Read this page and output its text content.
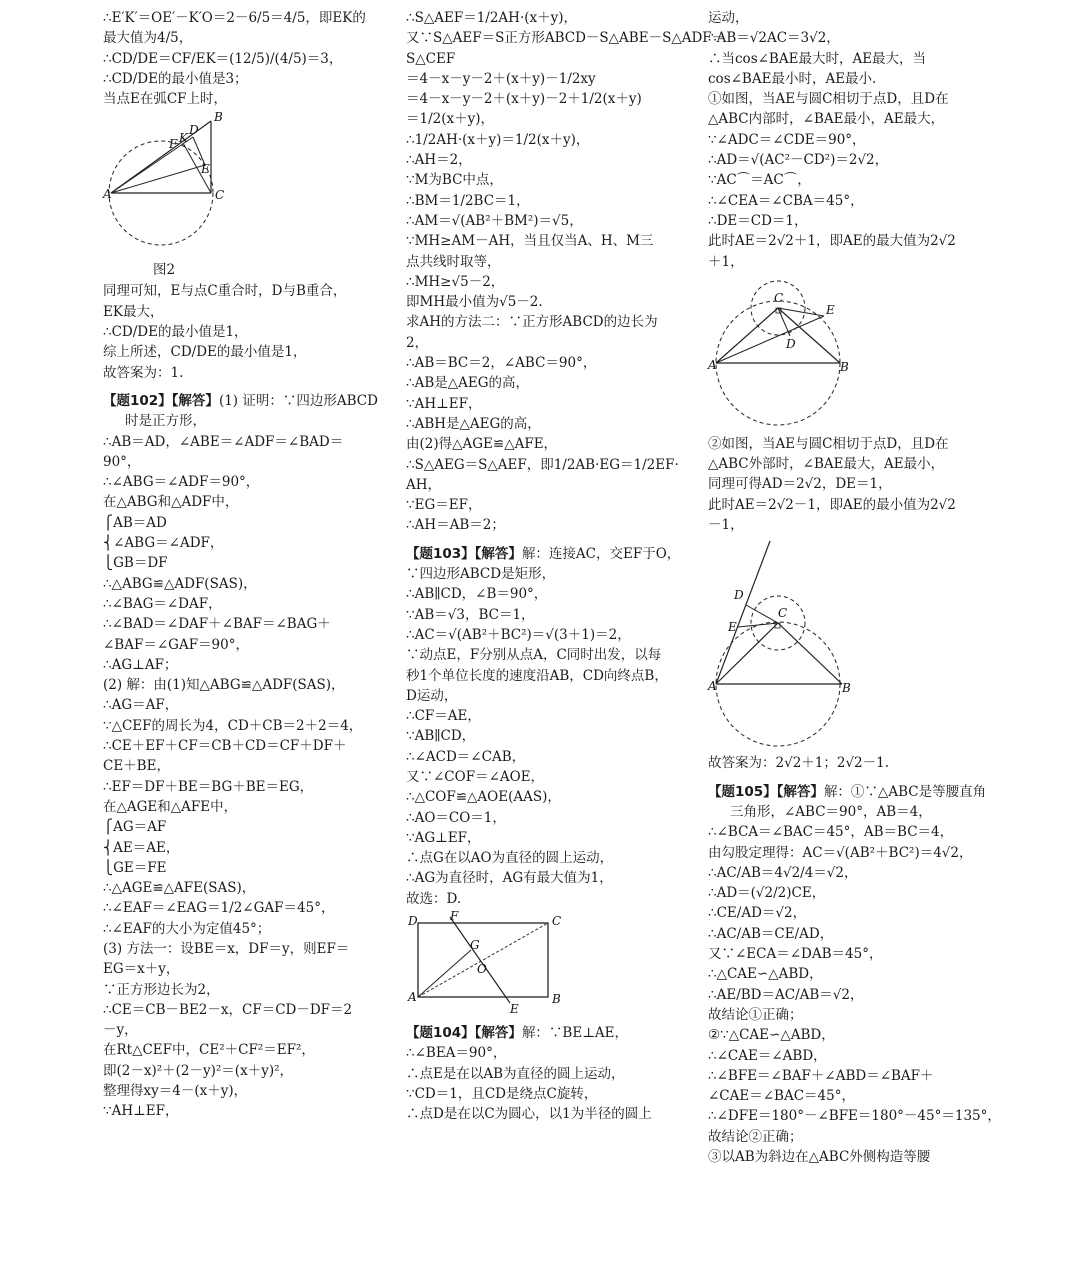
∴E′K′＝OE′－K′O＝2－6/5＝4/5，即EK的
最大值为4/5，
∴CD/DE＝CF/EK＝(12/5)/(4/5)＝3，
∴CD/DE的最小值是3；
当点E在弧CF上时，
A
B
C
D
E
F K
图2
同理可知，E与点C重合时，D与B重合，
EK最大，
∴CD/DE的最小值是1，
综上所述，CD/DE的最小值是1，
故答案为：1.
【题102】【解答】(1) 证明：∵四边形ABCD
时是正方形，
∴AB＝AD，∠ABE＝∠ADF＝∠BAD＝
90°，
∴∠ABG＝∠ADF＝90°，
在△ABG和△ADF中，
⎧AB＝AD
⎨∠ABG＝∠ADF，
⎩GB＝DF
∴△ABG≌△ADF(SAS)，
∴∠BAG＝∠DAF，
∴∠BAD＝∠DAF＋∠BAF＝∠BAG＋
∠BAF＝∠GAF＝90°，
∴AG⊥AF；
(2) 解：由(1)知△ABG≌△ADF(SAS)，
∴AG＝AF，
∵△CEF的周长为4，CD＋CB＝2＋2＝4，
∴CE＋EF＋CF＝CB＋CD＝CF＋DF＋
CE＋BE，
∴EF＝DF＋BE＝BG＋BE＝EG，
在△AGE和△AFE中，
⎧AG＝AF
⎨AE＝AE，
⎩GE＝FE
∴△AGE≌△AFE(SAS)，
∴∠EAF＝∠EAG＝1/2∠GAF＝45°，
∴∠EAF的大小为定值45°；
(3) 方法一：设BE＝x，DF＝y，则EF＝
EG＝x＋y，
∵正方形边长为2，
∴CE＝CB－BE2－x，CF＝CD－DF＝2
－y，
在Rt△CEF中，CE²＋CF²＝EF²，
即(2－x)²＋(2－y)²＝(x＋y)²，
整理得xy＝4－(x＋y)，
∵AH⊥EF，
∴S△AEF＝1/2AH·(x＋y)，
又∵S△AEF＝S正方形ABCD－S△ABE－S△ADF－
S△CEF
＝4－x－y－2＋(x＋y)－1/2xy
＝4－x－y－2＋(x＋y)－2＋1/2(x＋y)
＝1/2(x＋y)，
∴1/2AH·(x＋y)＝1/2(x＋y)，
∴AH＝2，
∵M为BC中点，
∴BM＝1/2BC＝1，
∴AM＝√(AB²＋BM²)＝√5，
∵MH≥AM－AH，当且仅当A、H、M三
点共线时取等，
∴MH≥√5－2，
即MH最小值为√5－2.
求AH的方法二：∵正方形ABCD的边长为
2，
∴AB＝BC＝2，∠ABC＝90°，
∴AB是△AEG的高，
∵AH⊥EF，
∴ABH是△AEG的高，
由(2)得△AGE≌△AFE，
∴S△AEG＝S△AEF，即1/2AB·EG＝1/2EF·
AH，
∵EG＝EF，
∴AH＝AB＝2；
【题103】【解答】解：连接AC，交EF于O，
∵四边形ABCD是矩形，
∴AB∥CD，∠B＝90°，
∵AB＝√3，BC＝1，
∴AC＝√(AB²＋BC²)＝√(3＋1)＝2，
∵动点E，F分别从点A，C同时出发，以每
秒1个单位长度的速度沿AB，CD向终点B，
D运动，
∴CF＝AE，
∵AB∥CD，
∴∠ACD＝∠CAB，
又∵∠COF＝∠AOE，
∴△COF≌△AOE(AAS)，
∴AO＝CO＝1，
∵AG⊥EF，
∴点G在以AO为直径的圆上运动，
∴AG为直径时，AG有最大值为1，
故选：D.
D	C
A	B
F
E
G
O
【题104】【解答】解：∵BE⊥AE，
∴∠BEA＝90°，
∴点E是在以AB为直径的圆上运动，
∵CD＝1，且CD是绕点C旋转，
∴点D是在以C为圆心，以1为半径的圆上
运动，
∴AB＝√2AC＝3√2，
∴当cos∠BAE最大时，AE最大，当
cos∠BAE最小时，AE最小.
①如图，当AE与圆C相切于点D，且D在
△ABC内部时，∠BAE最小，AE最大，
∵∠ADC＝∠CDE＝90°，
∴AD＝√(AC²－CD²)＝2√2，
∵AC⌒＝AC⌒，
∴∠CEA＝∠CBA＝45°，
∴DE＝CD＝1，
此时AE＝2√2＋1，即AE的最大值为2√2
＋1，
A	B
C
D
E
②如图，当AE与圆C相切于点D，且D在
△ABC外部时，∠BAE最大，AE最小，
同理可得AD＝2√2，DE＝1，
此时AE＝2√2－1，即AE的最小值为2√2
－1，
A	B
C
D
E
故答案为：2√2＋1；2√2－1.
【题105】【解答】解：①∵△ABC是等腰直角
三角形，∠ABC＝90°，AB＝4，
∴∠BCA＝∠BAC＝45°，AB＝BC＝4，
由勾股定理得：AC＝√(AB²＋BC²)＝4√2，
∴AC/AB＝4√2/4＝√2，
∴AD＝(√2/2)CE，
∴CE/AD＝√2，
∴AC/AB＝CE/AD，
又∵∠ECA＝∠DAB＝45°，
∴△CAE∽△ABD，
∴AE/BD＝AC/AB＝√2，
故结论①正确；
②∵△CAE∽△ABD，
∴∠CAE＝∠ABD，
∴∠BFE＝∠BAF＋∠ABD＝∠BAF＋
∠CAE＝∠BAC＝45°，
∴∠DFE＝180°－∠BFE＝180°－45°＝135°，
故结论②正确；
③以AB为斜边在△ABC外侧构造等腰
